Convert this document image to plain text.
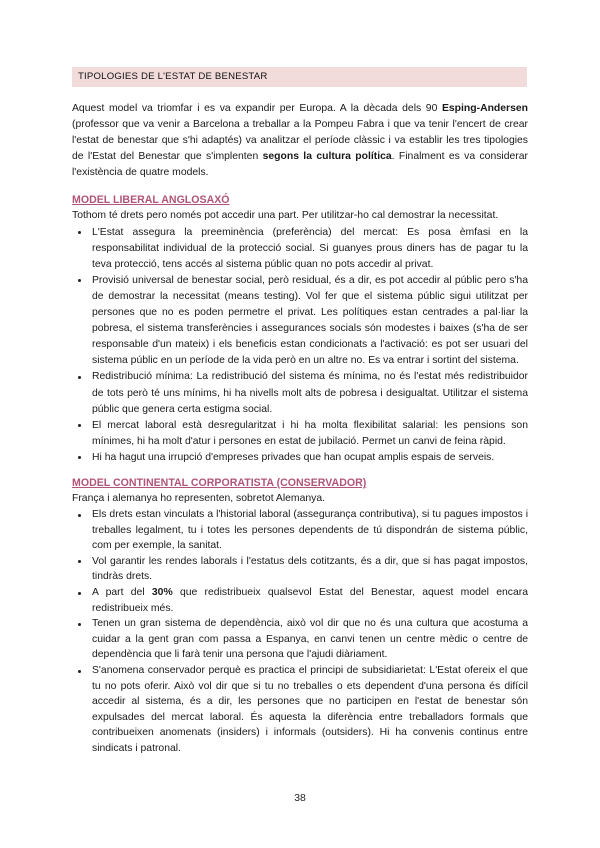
TIPOLOGIES DE L'ESTAT DE BENESTAR

Aquest model va triomfar i es va expandir per Europa. A la dècada dels 90 Esping-Andersen (professor que va venir a Barcelona a treballar a la Pompeu Fabra i que va tenir l'encert de crear l'estat de benestar que s'hi adaptés) va analitzar el període clàssic i va establir les tres tipologies de l'Estat del Benestar que s'implenten segons la cultura política. Finalment es va considerar l'existència de quatre models.

MODEL LIBERAL ANGLOSAXÓ

Tothom té drets pero només pot accedir una part. Per utilitzar-ho cal demostrar la necessitat.

L'Estat assegura la preeminència (preferència) del mercat: Es posa èmfasi en la responsabilitat individual de la protecció social. Si guanyes prous diners has de pagar tu la teva protecció, tens accés al sistema públic quan no pots accedir al privat.
Provisió universal de benestar social, però residual, és a dir, es pot accedir al públic pero s'ha de demostrar la necessitat (means testing). Vol fer que el sistema públic sigui utilitzat per persones que no es poden permetre el privat. Les polítiques estan centrades a pal·liar la pobresa, el sistema transferències i assegurances socials són modestes i baixes (s'ha de ser responsable d'un mateix) i els beneficis estan condicionats a l'activació: es pot ser usuari del sistema públic en un període de la vida però en un altre no. Es va entrar i sortint del sistema.
Redistribució mínima: La redistribució del sistema és mínima, no és l'estat més redistribuidor de tots però té uns mínims, hi ha nivells molt alts de pobresa i desigualtat. Utilitzar el sistema públic que genera certa estigma social.
El mercat laboral està desregularitzat i hi ha molta flexibilitat salarial: les pensions son mínimes, hi ha molt d'atur i persones en estat de jubilació. Permet un canvi de feina ràpid.
Hi ha hagut una irrupció d'empreses privades que han ocupat amplis espais de serveis.
MODEL CONTINENTAL CORPORATISTA (CONSERVADOR)

França i alemanya ho representen, sobretot Alemanya.

Els drets estan vinculats a l'historial laboral (assegurança contributiva), si tu pagues impostos i treballes legalment, tu i totes les persones dependents de tú dispondrán de sistema públic, com per exemple, la sanitat.
Vol garantir les rendes laborals i l'estatus dels cotitzants, és a dir, que si has pagat impostos, tindràs drets.
A part del 30% que redistribueix qualsevol Estat del Benestar, aquest model encara redistribueix més.
Tenen un gran sistema de dependència, això vol dir que no és una cultura que acostuma a cuidar a la gent gran com passa a Espanya, en canvi tenen un centre mèdic o centre de dependència que li farà tenir una persona que l'ajudi diàriament.
S'anomena conservador perquè es practica el principi de subsidiarietat: L'Estat ofereix el que tu no pots oferir. Això vol dir que si tu no treballes o ets dependent d'una persona és difícil accedir al sistema, és a dir, les persones que no participen en l'estat de benestar són expulsades del mercat laboral. És aquesta la diferència entre treballadors formals que contribueixen anomenats (insiders) i informals (outsiders). Hi ha convenis continus entre sindicats i patronal.
38
